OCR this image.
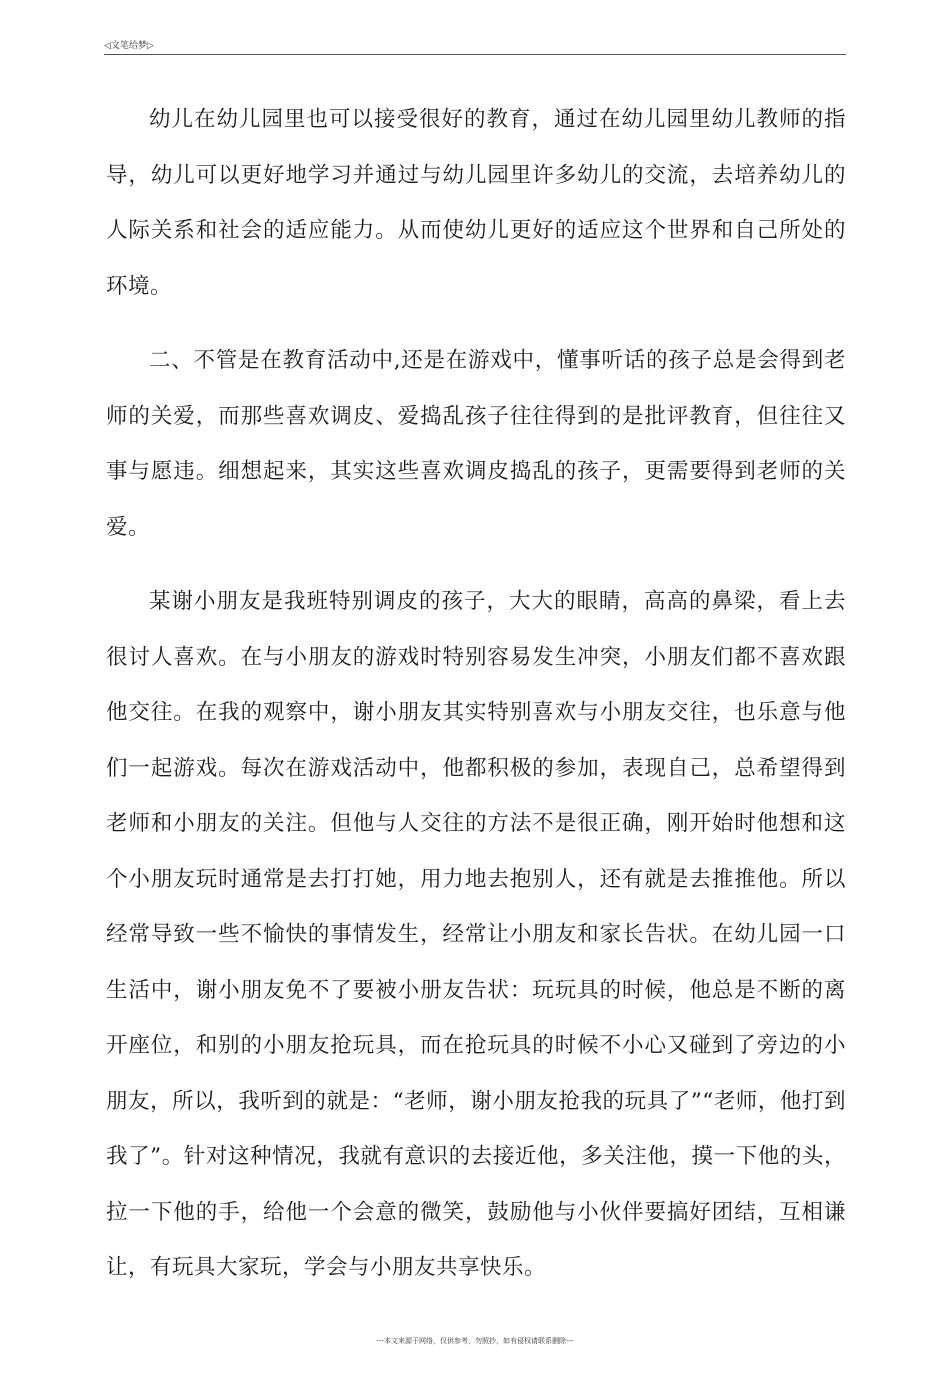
◁文笔给梦▷

幼儿在幼儿园里也可以接受很好的教育，通过在幼儿园里幼儿教师的指导，幼儿可以更好地学习并通过与幼儿园里许多幼儿的交流，去培养幼儿的人际关系和社会的适应能力。从而使幼儿更好的适应这个世界和自己所处的环境。

二、不管是在教育活动中,还是在游戏中，懂事听话的孩子总是会得到老师的关爱，而那些喜欢调皮、爱捣乱孩子往往得到的是批评教育，但往往又事与愿违。细想起来，其实这些喜欢调皮捣乱的孩子，更需要得到老师的关爱。

某谢小朋友是我班特别调皮的孩子，大大的眼睛，高高的鼻梁，看上去很讨人喜欢。在与小朋友的游戏时特别容易发生冲突，小朋友们都不喜欢跟他交往。在我的观察中，谢小朋友其实特别喜欢与小朋友交往，也乐意与他们一起游戏。每次在游戏活动中，他都积极的参加，表现自己，总希望得到老师和小朋友的关注。但他与人交往的方法不是很正确，刚开始时他想和这个小朋友玩时通常是去打打她，用力地去抱别人，还有就是去推推他。所以经常导致一些不愉快的事情发生，经常让小朋友和家长告状。在幼儿园一口生活中，谢小朋友免不了要被小册友告状：玩玩具的时候，他总是不断的离开座位，和别的小朋友抢玩具，而在抢玩具的时候不小心又碰到了旁边的小朋友，所以，我听到的就是：“老师，谢小朋友抢我的玩具了”“老师，他打到我了”。针对这种情况，我就有意识的去接近他，多关注他，摸一下他的头，拉一下他的手，给他一个会意的微笑，鼓励他与小伙伴要搞好团结，互相谦让，有玩具大家玩，学会与小朋友共享快乐。

---本文来源于网络，仅供参考，勿照抄，如有侵权请联系删除---
